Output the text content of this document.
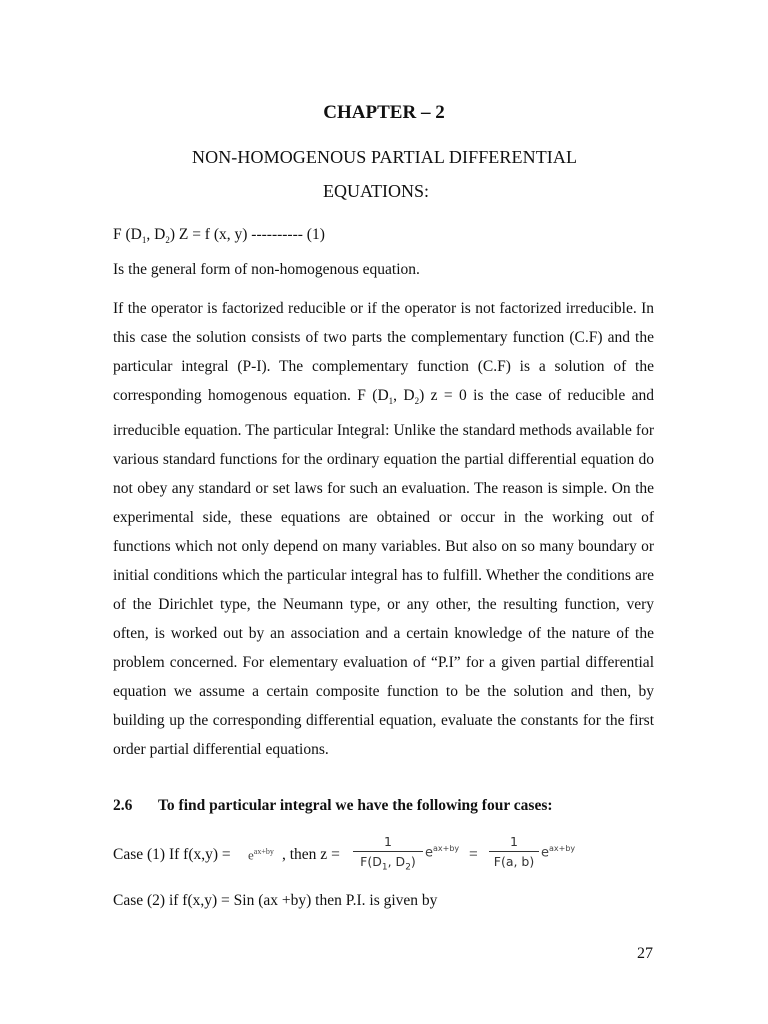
CHAPTER – 2
NON-HOMOGENOUS PARTIAL DIFFERENTIAL
EQUATIONS:
F ($D_1$, $D_2$) Z = f (x, y) ---------- (1)
Is the general form of non-homogenous equation.

If the operator is factorized reducible or if the operator is not factorized irreducible. In this case the solution consists of two parts the complementary function (C.F) and the particular integral (P-I). The complementary function (C.F) is a solution of the corresponding homogenous equation. F ($D_1$, $D_2$) z = 0 is the case of reducible and irreducible equation. The particular Integral: Unlike the standard methods available for various standard functions for the ordinary equation the partial differential equation do not obey any standard or set laws for such an evaluation. The reason is simple. On the experimental side, these equations are obtained or occur in the working out of functions which not only depend on many variables. But also on so many boundary or initial conditions which the particular integral has to fulfill. Whether the conditions are of the Dirichlet type, the Neumann type, or any other, the resulting function, very often, is worked out by an association and a certain knowledge of the nature of the problem concerned. For elementary evaluation of “P.I” for a given partial differential equation we assume a certain composite function to be the solution and then, by building up the corresponding differential equation, evaluate the constants for the first order partial differential equations.

2.6 To find particular integral we have the following four cases:
Case (1) If $f(x,y) = e^{ax+by}$ , then $z = \frac{1}{F(D_1, D_2)} e^{ax+by} = \frac{1}{F(a, b)} e^{ax+by}$
Case (2) if f(x,y) = Sin (ax +by) then P.I. is given by
27
